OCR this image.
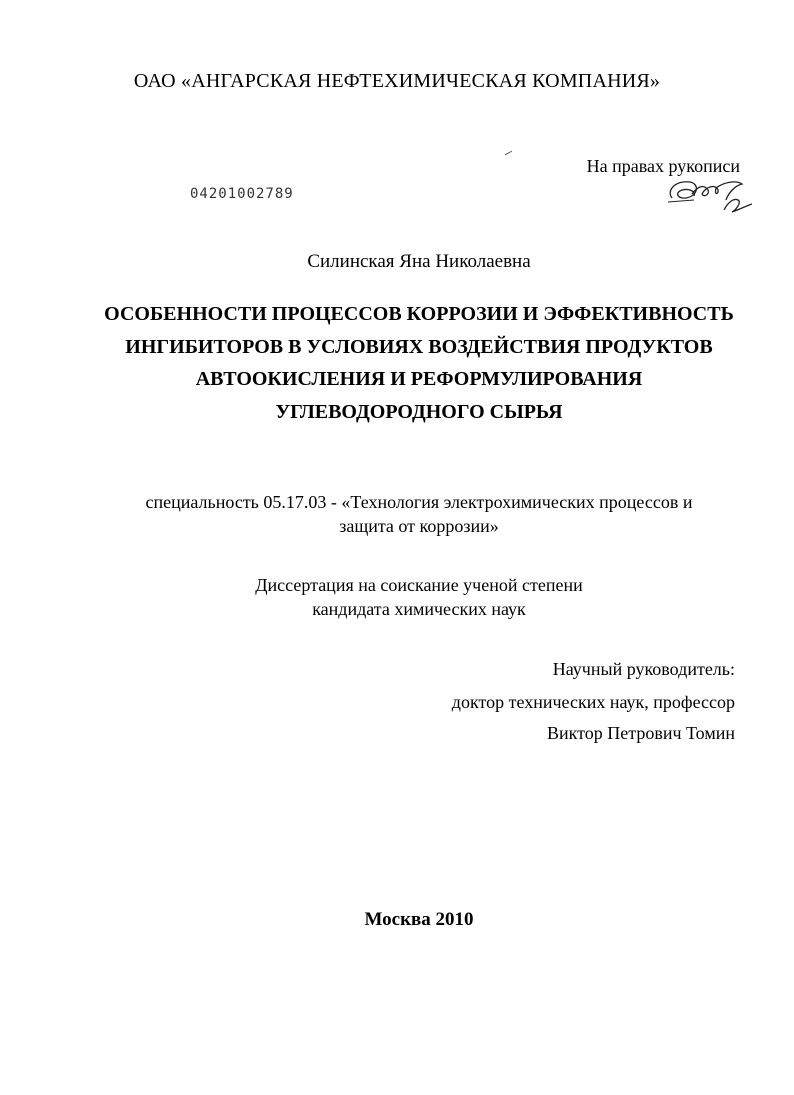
ОАО «АНГАРСКАЯ НЕФТЕХИМИЧЕСКАЯ КОМПАНИЯ»
На правах рукописи
04201002789
Силинская Яна Николаевна
ОСОБЕННОСТИ ПРОЦЕССОВ КОРРОЗИИ И ЭФФЕКТИВНОСТЬ
ИНГИБИТОРОВ В УСЛОВИЯХ ВОЗДЕЙСТВИЯ ПРОДУКТОВ
АВТООКИСЛЕНИЯ И РЕФОРМУЛИРОВАНИЯ
УГЛЕВОДОРОДНОГО СЫРЬЯ
специальность 05.17.03 - «Технология электрохимических процессов и
защита от коррозии»
Диссертация на соискание ученой степени
кандидата химических наук
Научный руководитель:
доктор технических наук, профессор
Виктор Петрович Томин
Москва 2010
